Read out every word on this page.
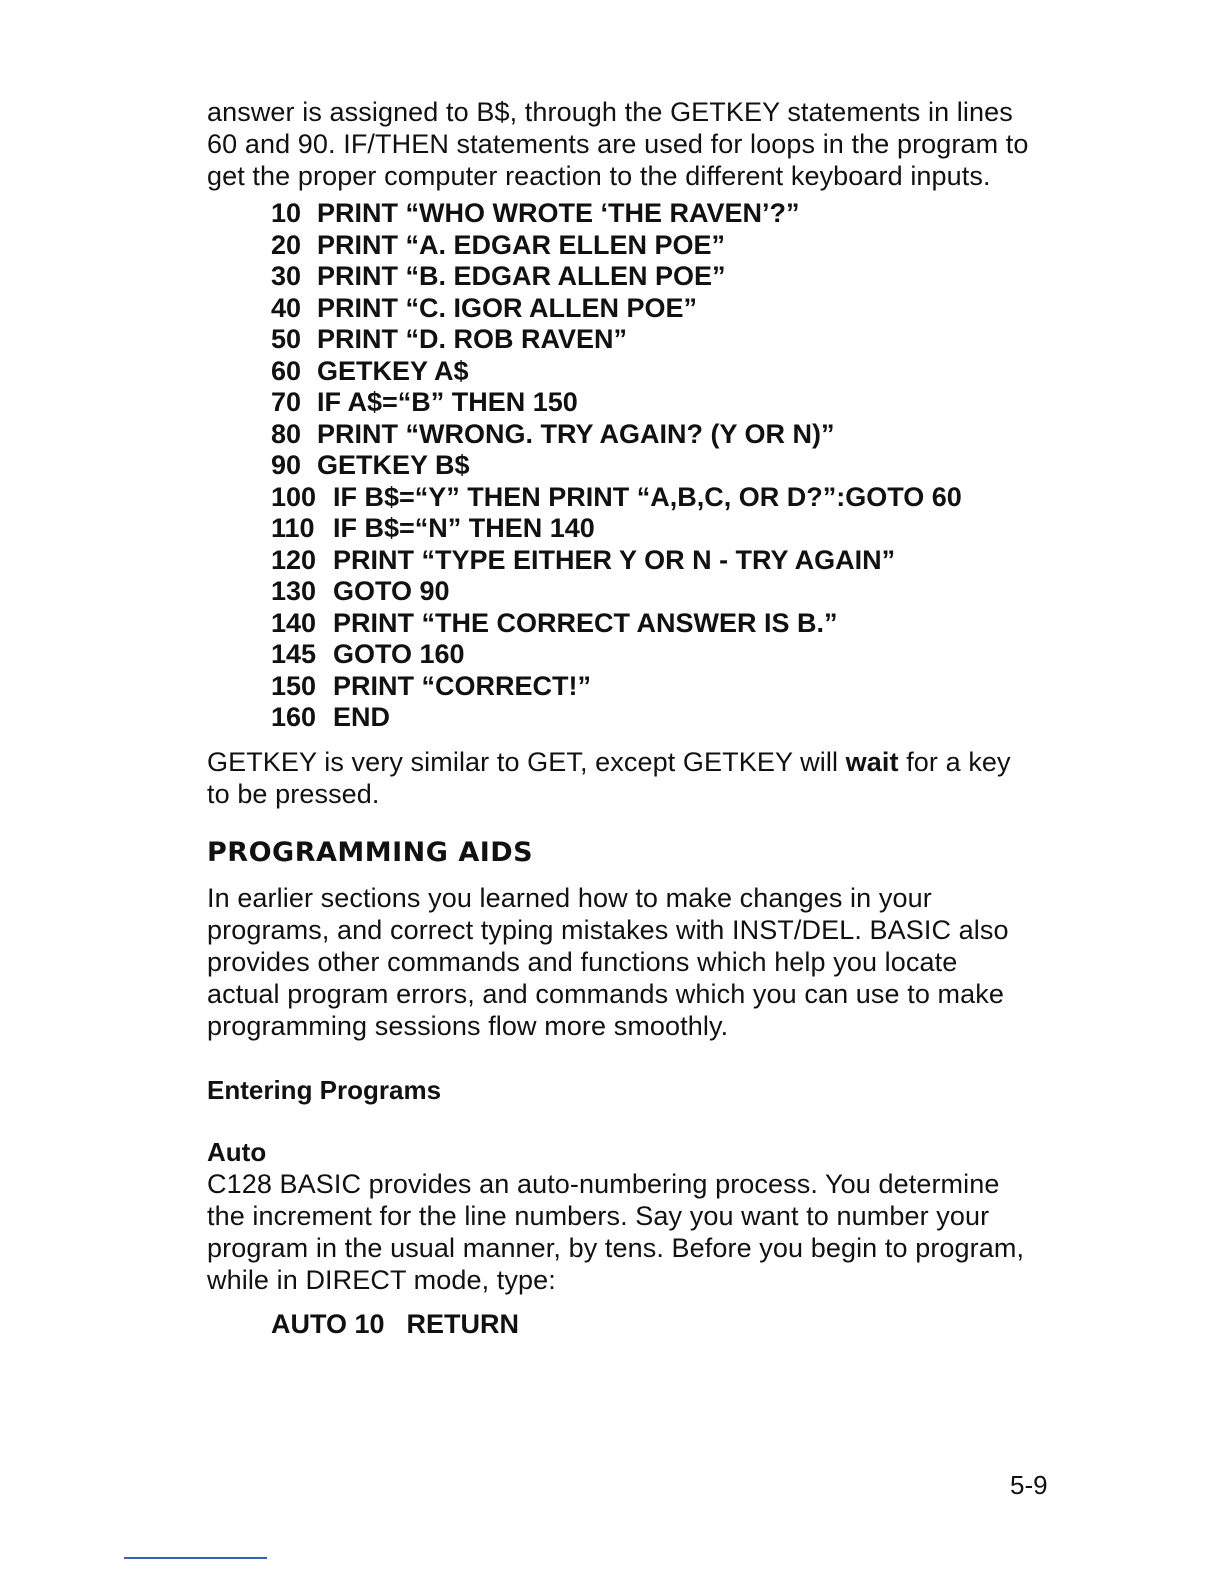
answer is assigned to B$, through the GETKEY statements in lines 60 and 90. IF/THEN statements are used for loops in the program to get the proper computer reaction to the different keyboard inputs.

10 PRINT “WHO WROTE ‘THE RAVEN’?”
20 PRINT “A. EDGAR ELLEN POE”
30 PRINT “B. EDGAR ALLEN POE”
40 PRINT “C. IGOR ALLEN POE”
50 PRINT “D. ROB RAVEN”
60 GETKEY A$
70 IF A$=“B” THEN 150
80 PRINT “WRONG. TRY AGAIN? (Y OR N)”
90 GETKEY B$
100 IF B$=“Y” THEN PRINT “A,B,C, OR D?”:GOTO 60
110 IF B$=“N” THEN 140
120 PRINT “TYPE EITHER Y OR N - TRY AGAIN”
130 GOTO 90
140 PRINT “THE CORRECT ANSWER IS B.”
145 GOTO 160
150 PRINT “CORRECT!”
160 END

GETKEY is very similar to GET, except GETKEY will wait for a key to be pressed.

PROGRAMMING AIDS

In earlier sections you learned how to make changes in your programs, and correct typing mistakes with INST/DEL. BASIC also provides other commands and functions which help you locate actual program errors, and commands which you can use to make programming sessions flow more smoothly.

Entering Programs
Auto

C128 BASIC provides an auto-numbering process. You determine the increment for the line numbers. Say you want to number your program in the usual manner, by tens. Before you begin to program, while in DIRECT mode, type:

AUTO 10 RETURN
5-9
